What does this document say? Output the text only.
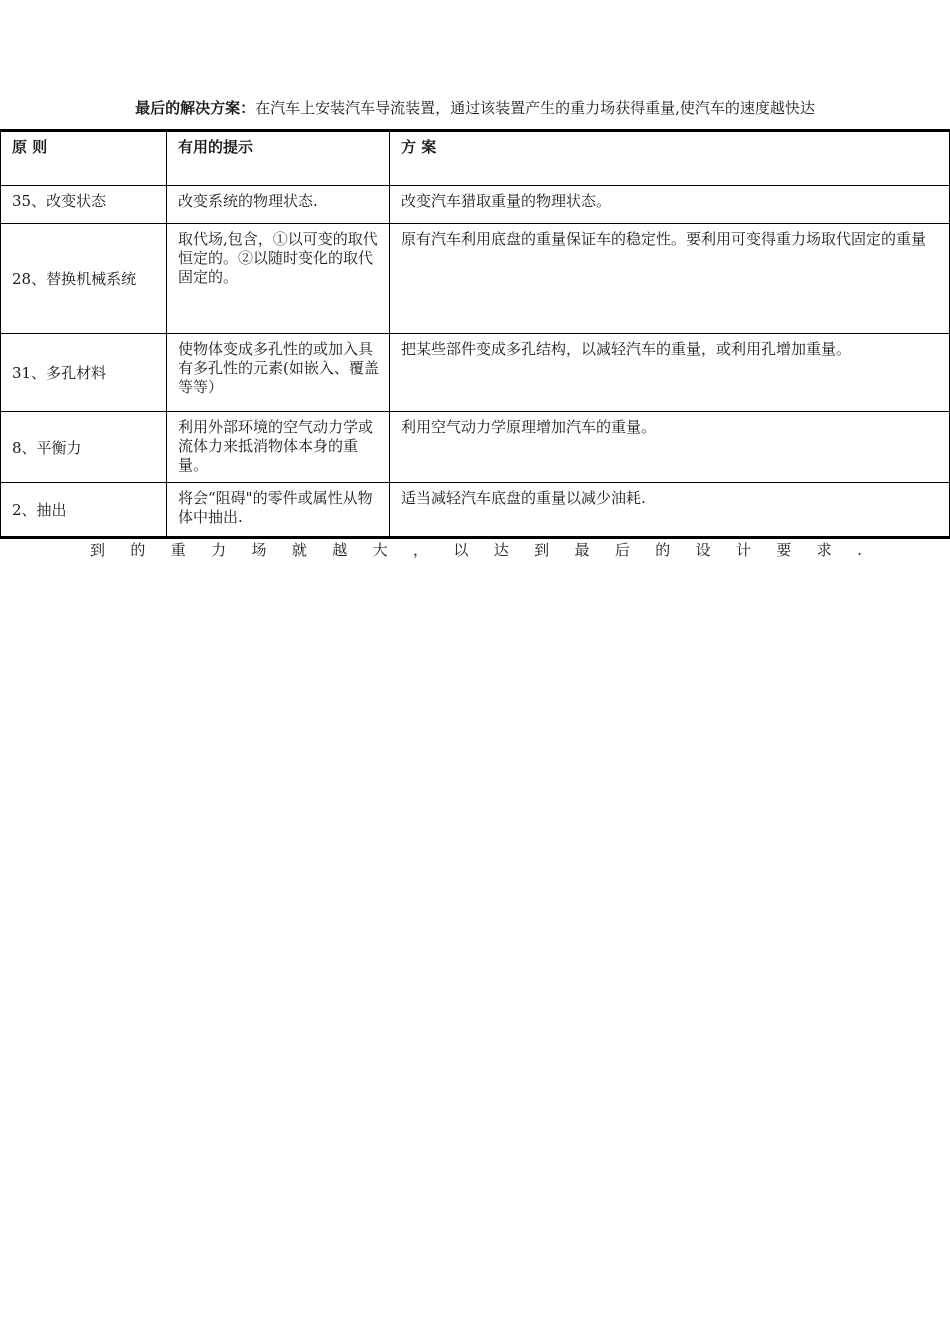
最后的解决方案：在汽车上安装汽车导流装置，通过该装置产生的重力场获得重量,使汽车的速度越快达
原 则	有用的提示	方 案
35、改变状态	改变系统的物理状态.	改变汽车猎取重量的物理状态。
28、替换机械系统	取代场,包含，①以可变的取代恒定的。②以随时变化的取代固定的。	原有汽车利用底盘的重量保证车的稳定性。要利用可变得重力场取代固定的重量
31、多孔材料	使物体变成多孔性的或加入具有多孔性的元素(如嵌入、覆盖等等）	把某些部件变成多孔结构，以减轻汽车的重量，或利用孔增加重量。
8、平衡力	利用外部环境的空气动力学或流体力来抵消物体本身的重量。	利用空气动力学原理增加汽车的重量。
2、抽出	将会“阻碍"的零件或属性从物体中抽出.	适当减轻汽车底盘的重量以减少油耗.
到 的 重 力 场 就 越 大 ， 以 达 到 最 后 的 设 计 要 求 .
